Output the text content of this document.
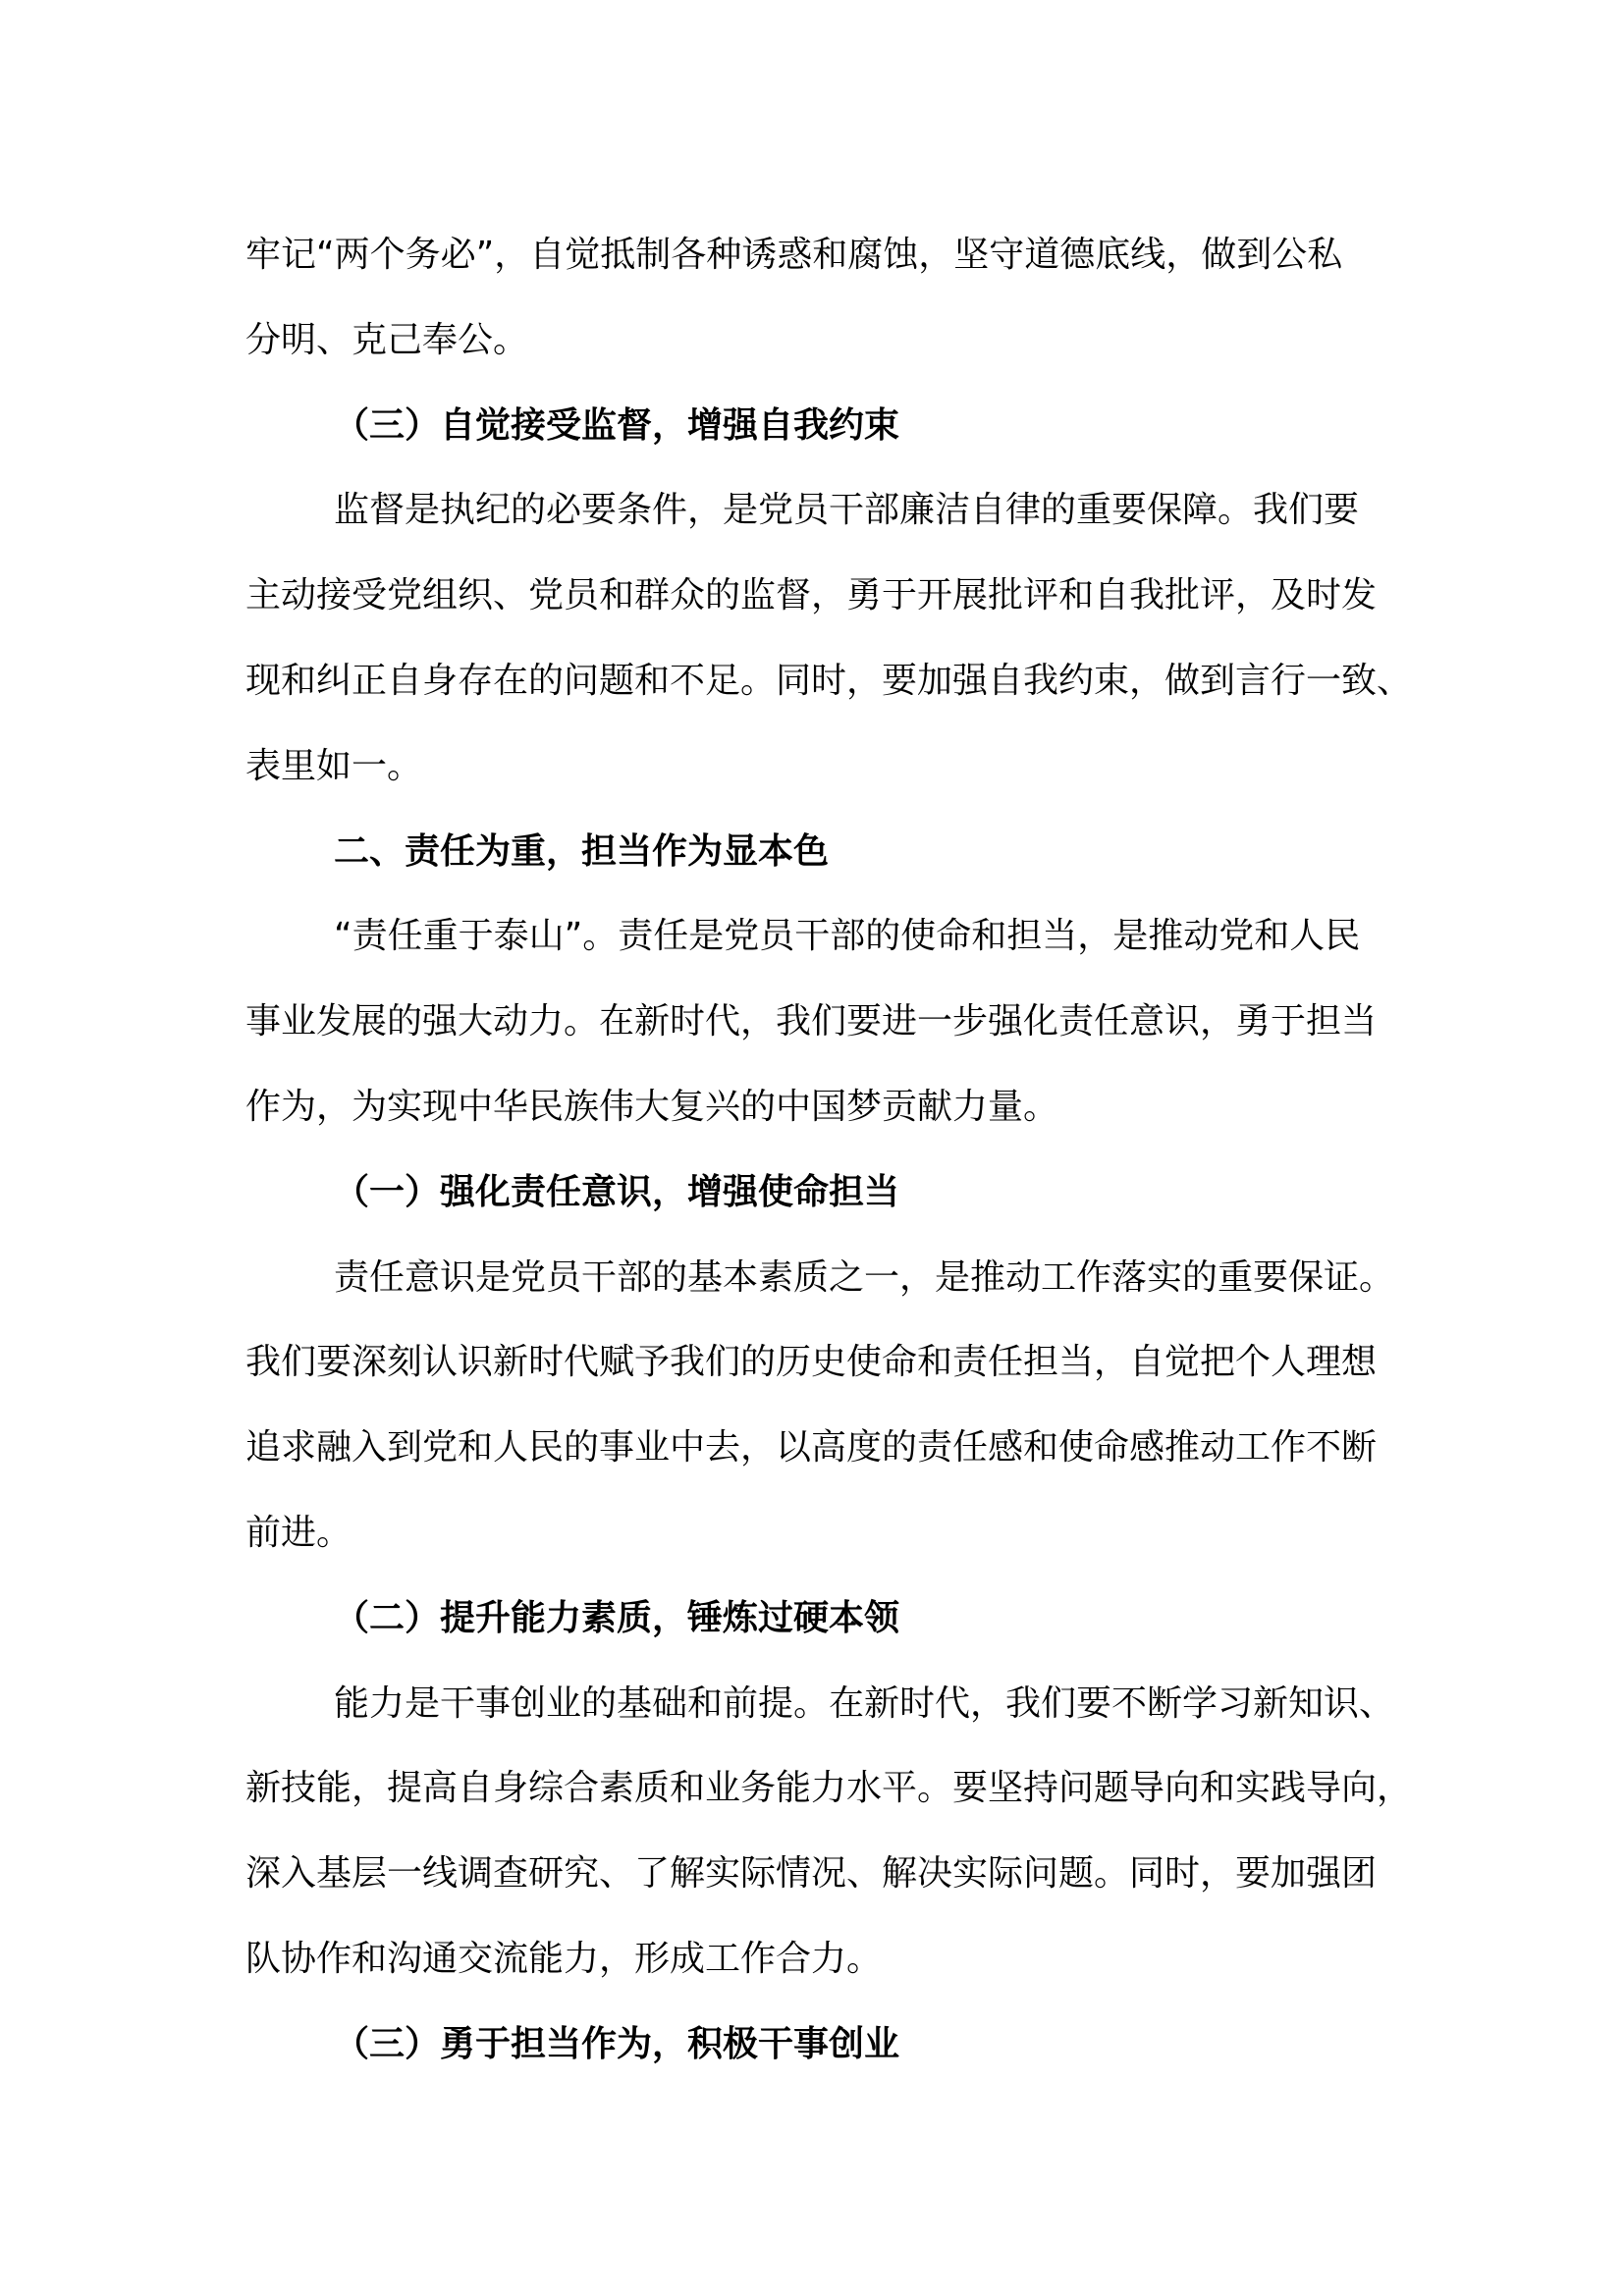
牢记“两个务必”，自觉抵制各种诱惑和腐蚀，坚守道德底线，做到公私
分明、克己奉公。
（三）自觉接受监督，增强自我约束
监督是执纪的必要条件，是党员干部廉洁自律的重要保障。我们要
主动接受党组织、党员和群众的监督，勇于开展批评和自我批评，及时发
现和纠正自身存在的问题和不足。同时，要加强自我约束，做到言行一致、
表里如一。
二、责任为重，担当作为显本色
“责任重于泰山”。责任是党员干部的使命和担当，是推动党和人民
事业发展的强大动力。在新时代，我们要进一步强化责任意识，勇于担当
作为，为实现中华民族伟大复兴的中国梦贡献力量。
（一）强化责任意识，增强使命担当
责任意识是党员干部的基本素质之一，是推动工作落实的重要保证。
我们要深刻认识新时代赋予我们的历史使命和责任担当，自觉把个人理想
追求融入到党和人民的事业中去，以高度的责任感和使命感推动工作不断
前进。
（二）提升能力素质，锤炼过硬本领
能力是干事创业的基础和前提。在新时代，我们要不断学习新知识、
新技能，提高自身综合素质和业务能力水平。要坚持问题导向和实践导向，
深入基层一线调查研究、了解实际情况、解决实际问题。同时，要加强团
队协作和沟通交流能力，形成工作合力。
（三）勇于担当作为，积极干事创业
